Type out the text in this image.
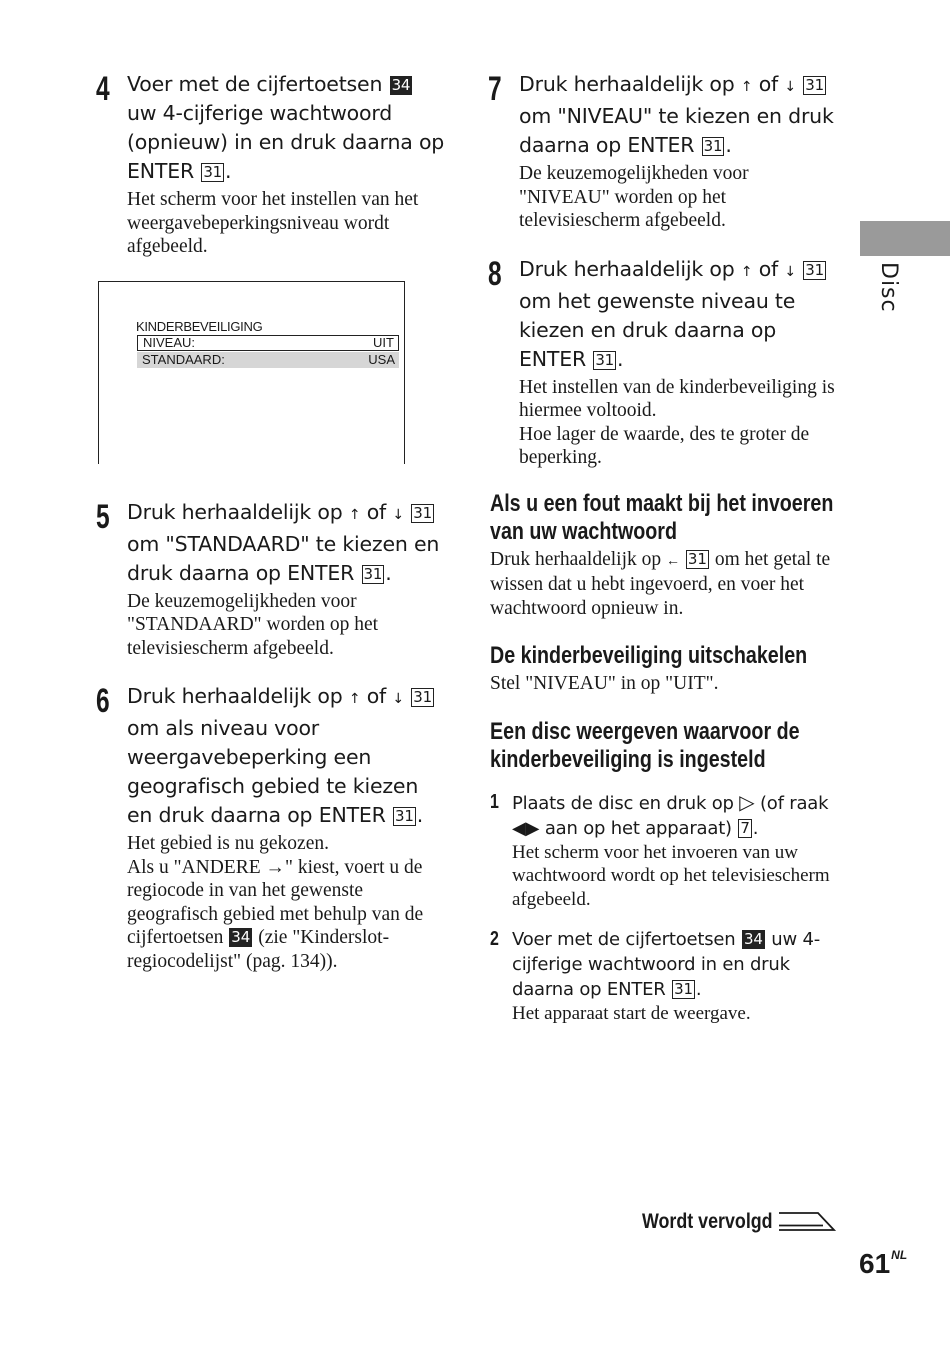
4 Voer met de cijfertoetsen 34 uw 4-cijferige wachtwoord (opnieuw) in en druk daarna op ENTER 31 .
Het scherm voor het instellen van het weergavebeperkingsniveau wordt afgebeeld.
KINDERBEVEILIGING
NIVEAU:	UIT
STANDAARD:	USA
5 Druk herhaaldelijk op ↑ of ↓ 31 om "STANDAARD" te kiezen en druk daarna op ENTER 31 .
De keuzemogelijkheden voor "STANDAARD" worden op het televisiescherm afgebeeld.
6 Druk herhaaldelijk op ↑ of ↓ 31 om als niveau voor weergavebeperking een geografisch gebied te kiezen en druk daarna op ENTER 31 .
Het gebied is nu gekozen.
Als u "ANDERE →" kiest, voert u de regiocode in van het gewenste geografisch gebied met behulp van de cijfertoetsen 34 (zie "Kinderslot-regiocodelijst" (pag. 134)).
7 Druk herhaaldelijk op ↑ of ↓ 31 om "NIVEAU" te kiezen en druk daarna op ENTER 31 .
De keuzemogelijkheden voor "NIVEAU" worden op het televisiescherm afgebeeld.
8 Druk herhaaldelijk op ↑ of ↓ 31 om het gewenste niveau te kiezen en druk daarna op ENTER 31 .
Het instellen van de kinderbeveiliging is hiermee voltooid.
Hoe lager de waarde, des te groter de beperking.
Als u een fout maakt bij het invoeren van uw wachtwoord
Druk herhaaldelijk op ← 31 om het getal te wissen dat u hebt ingevoerd, en voer het wachtwoord opnieuw in.
De kinderbeveiliging uitschakelen
Stel "NIVEAU" in op "UIT".
Een disc weergeven waarvoor de kinderbeveiliging is ingesteld
1 Plaats de disc en druk op ▷ (of raak ◀▶ aan op het apparaat) 7 .
Het scherm voor het invoeren van uw wachtwoord wordt op het televisiescherm afgebeeld.
2 Voer met de cijfertoetsen 34 uw 4-cijferige wachtwoord in en druk daarna op ENTER 31 .
Het apparaat start de weergave.
Disc
Wordt vervolgd
$61^{NL}$
